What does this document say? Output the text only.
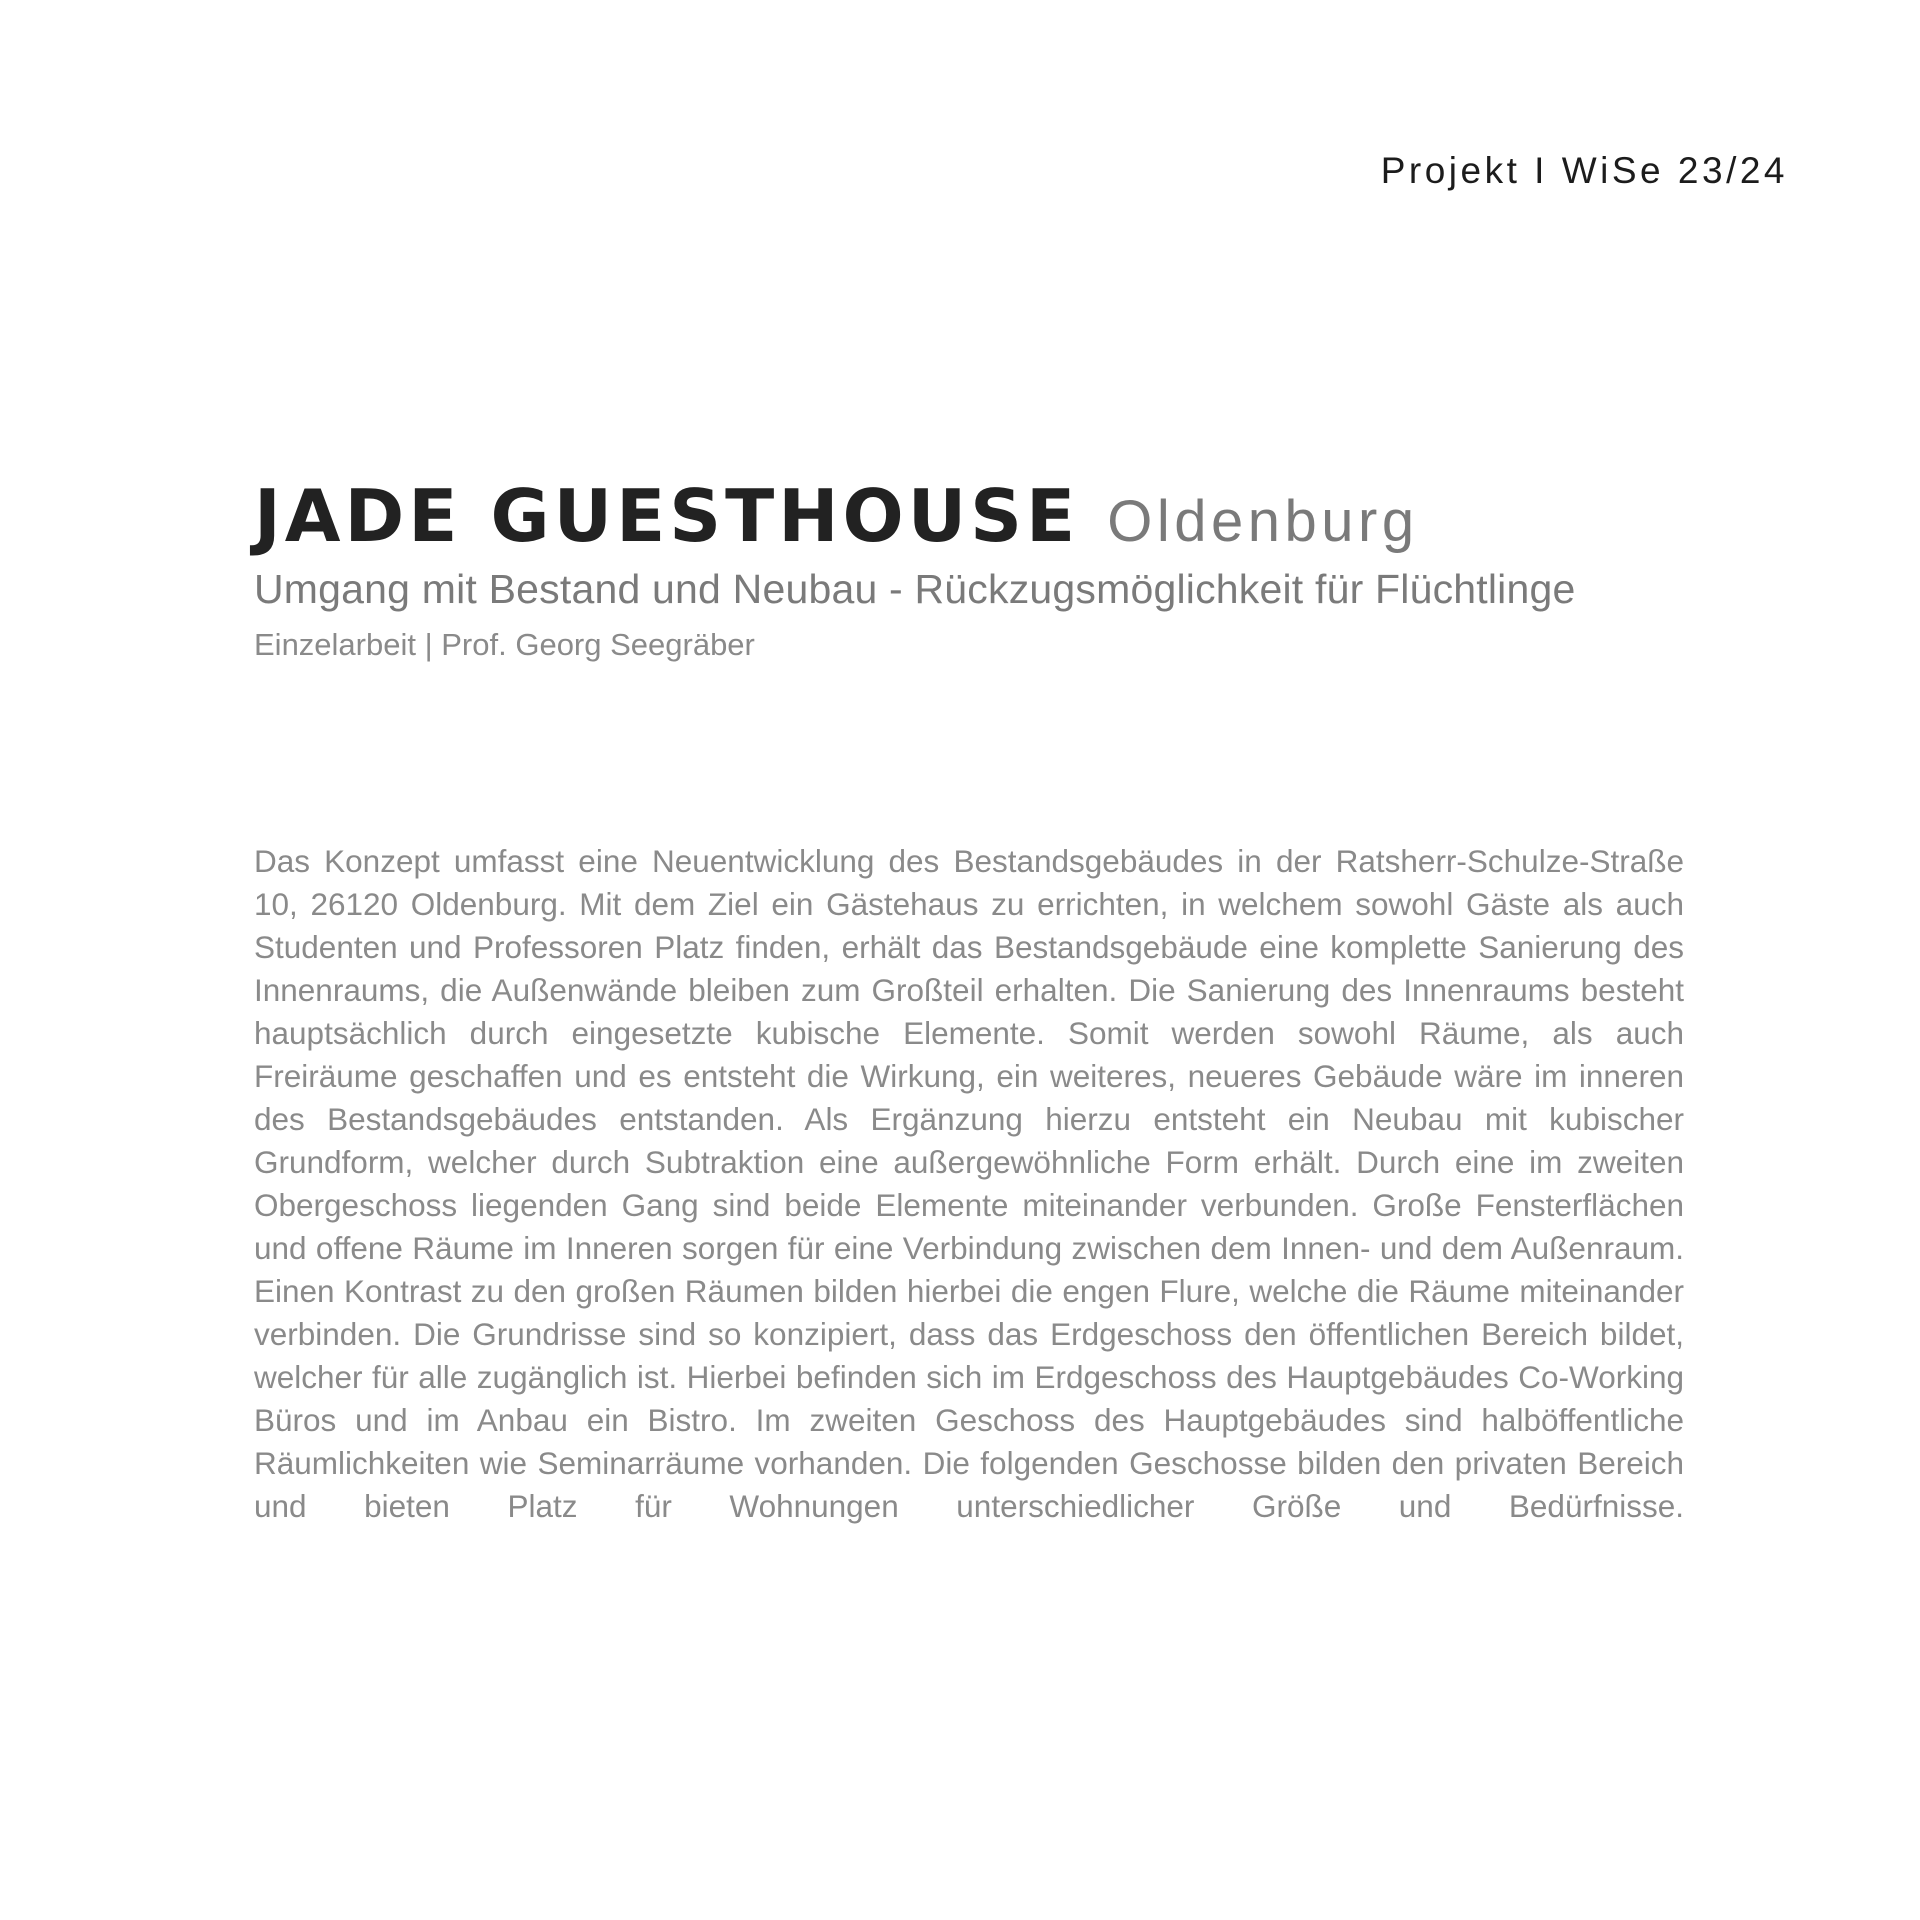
Projekt I WiSe 23/24
JADE GUESTHOUSE Oldenburg
Umgang mit Bestand und Neubau - Rückzugsmöglichkeit für Flüchtlinge
Einzelarbeit | Prof. Georg Seegräber

Das Konzept umfasst eine Neuentwicklung des Bestandsgebäudes in der Ratsherr-Schulze-Straße 10, 26120 Oldenburg. Mit dem Ziel ein Gästehaus zu errichten, in welchem sowohl Gäste als auch Studenten und Professoren Platz finden, erhält das Bestandsgebäude eine komplette Sanierung des Innenraums, die Außenwände bleiben zum Großteil erhalten. Die Sanierung des Innenraums besteht hauptsächlich durch eingesetzte kubische Elemente. Somit werden sowohl Räume, als auch Freiräume geschaffen und es entsteht die Wirkung, ein weiteres, neueres Gebäude wäre im inneren des Bestandsgebäudes entstanden. Als Ergänzung hierzu entsteht ein Neubau mit kubischer Grundform, welcher durch Subtraktion eine außergewöhnliche Form erhält. Durch eine im zweiten Obergeschoss liegenden Gang sind beide Elemente miteinander verbunden. Große Fensterflächen und offene Räume im Inneren sorgen für eine Verbindung zwischen dem Innen- und dem Außenraum. Einen Kontrast zu den großen Räumen bilden hierbei die engen Flure, welche die Räume miteinander verbinden. Die Grundrisse sind so konzipiert, dass das Erdgeschoss den öffentlichen Bereich bildet, welcher für alle zugänglich ist. Hierbei befinden sich im Erdgeschoss des Hauptgebäudes Co-Working Büros und im Anbau ein Bistro. Im zweiten Geschoss des Hauptgebäudes sind halböffentliche Räumlichkeiten wie Seminarräume vorhanden. Die folgenden Geschosse bilden den privaten Bereich und bieten Platz für Wohnungen unterschiedlicher Größe und Bedürfnisse.
